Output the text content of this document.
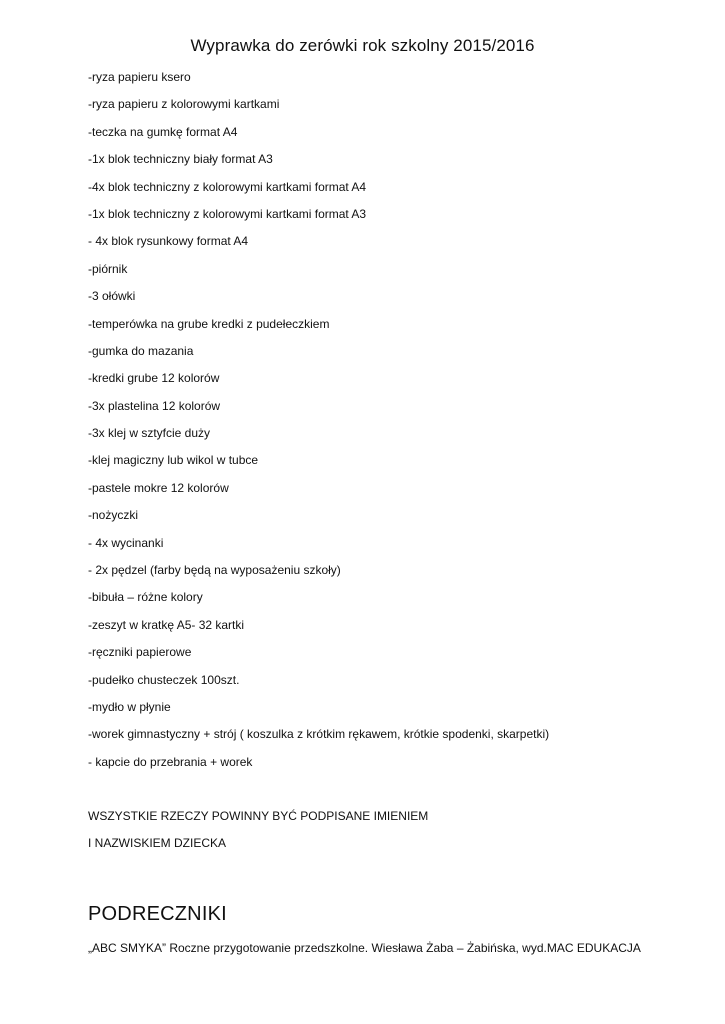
Wyprawka do zerówki rok szkolny 2015/2016
-ryza papieru ksero
-ryza papieru z kolorowymi kartkami
-teczka na gumkę format A4
-1x blok techniczny biały format A3
-4x blok techniczny z kolorowymi kartkami format A4
-1x blok techniczny z kolorowymi kartkami format A3
- 4x blok rysunkowy format A4
-piórnik
-3 ołówki
-temperówka na grube kredki z pudełeczkiem
-gumka do mazania
-kredki grube 12 kolorów
-3x plastelina 12 kolorów
-3x klej w sztyfcie duży
-klej magiczny lub wikol w tubce
-pastele mokre 12 kolorów
-nożyczki
- 4x wycinanki
- 2x pędzel (farby będą na wyposażeniu szkoły)
-bibuła – różne kolory
-zeszyt w kratkę A5- 32 kartki
-ręczniki papierowe
-pudełko chusteczek 100szt.
-mydło w płynie
-worek gimnastyczny + strój ( koszulka z krótkim rękawem, krótkie spodenki, skarpetki)
- kapcie do przebrania + worek
WSZYSTKIE RZECZY POWINNY BYĆ PODPISANE IMIENIEM
I NAZWISKIEM DZIECKA
PODRECZNIKI
„ABC SMYKA” Roczne przygotowanie przedszkolne. Wiesława Żaba – Żabińska, wyd.MAC EDUKACJA
